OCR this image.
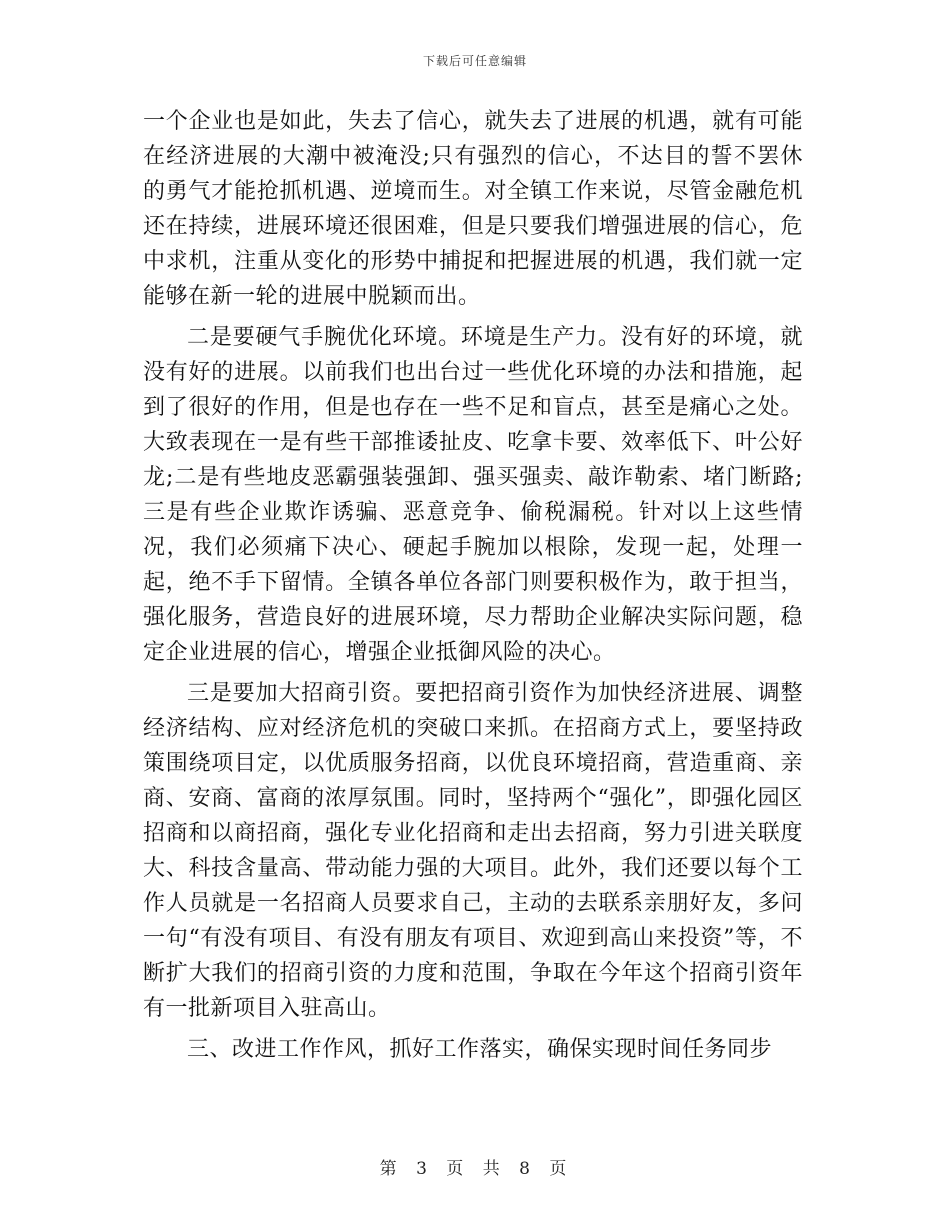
下载后可任意编辑

一个企业也是如此，失去了信心，就失去了进展的机遇，就有可能在经济进展的大潮中被淹没;只有强烈的信心，不达目的誓不罢休的勇气才能抢抓机遇、逆境而生。对全镇工作来说，尽管金融危机还在持续，进展环境还很困难，但是只要我们增强进展的信心，危中求机，注重从变化的形势中捕捉和把握进展的机遇，我们就一定能够在新一轮的进展中脱颖而出。

二是要硬气手腕优化环境。环境是生产力。没有好的环境，就没有好的进展。以前我们也出台过一些优化环境的办法和措施，起到了很好的作用，但是也存在一些不足和盲点，甚至是痛心之处。大致表现在一是有些干部推诿扯皮、吃拿卡要、效率低下、叶公好龙;二是有些地皮恶霸强装强卸、强买强卖、敲诈勒索、堵门断路;三是有些企业欺诈诱骗、恶意竞争、偷税漏税。针对以上这些情况，我们必须痛下决心、硬起手腕加以根除，发现一起，处理一起，绝不手下留情。全镇各单位各部门则要积极作为，敢于担当，强化服务，营造良好的进展环境，尽力帮助企业解决实际问题，稳定企业进展的信心，增强企业抵御风险的决心。

三是要加大招商引资。要把招商引资作为加快经济进展、调整经济结构、应对经济危机的突破口来抓。在招商方式上，要坚持政策围绕项目定，以优质服务招商，以优良环境招商，营造重商、亲商、安商、富商的浓厚氛围。同时，坚持两个“强化”，即强化园区招商和以商招商，强化专业化招商和走出去招商，努力引进关联度大、科技含量高、带动能力强的大项目。此外，我们还要以每个工作人员就是一名招商人员要求自己，主动的去联系亲朋好友，多问一句“有没有项目、有没有朋友有项目、欢迎到高山来投资”等，不断扩大我们的招商引资的力度和范围，争取在今年这个招商引资年有一批新项目入驻高山。

三、改进工作作风，抓好工作落实，确保实现时间任务同步

第 3 页 共 8 页
